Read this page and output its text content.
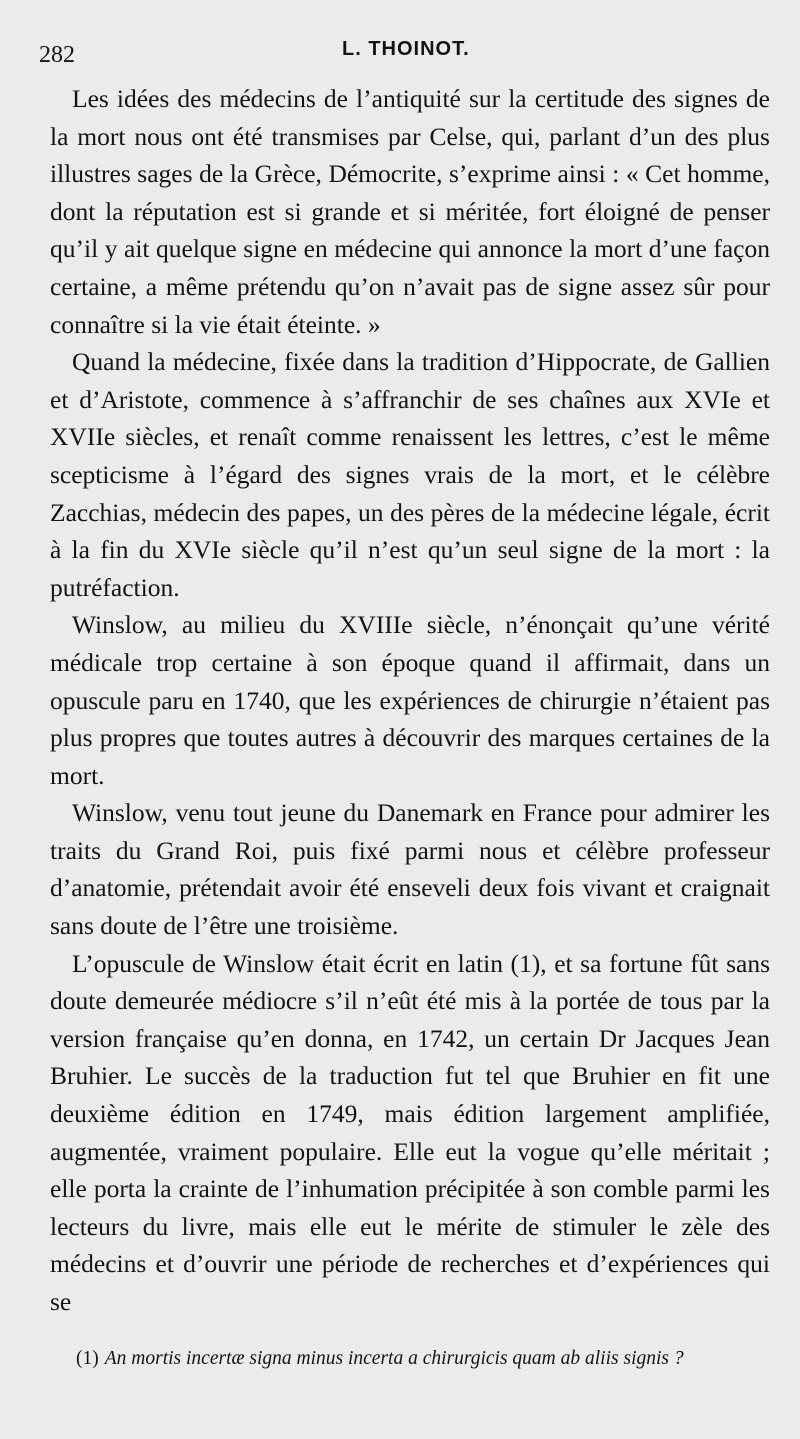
282	L. THOINOT.

Les idées des médecins de l’antiquité sur la certitude des signes de la mort nous ont été transmises par Celse, qui, parlant d’un des plus illustres sages de la Grèce, Démocrite, s’exprime ainsi : « Cet homme, dont la réputation est si grande et si méritée, fort éloigné de penser qu’il y ait quelque signe en médecine qui annonce la mort d’une façon certaine, a même prétendu qu’on n’avait pas de signe assez sûr pour connaître si la vie était éteinte. »

Quand la médecine, fixée dans la tradition d’Hippocrate, de Gallien et d’Aristote, commence à s’affranchir de ses chaînes aux XVIe et XVIIe siècles, et renaît comme renaissent les lettres, c’est le même scepticisme à l’égard des signes vrais de la mort, et le célèbre Zacchias, médecin des papes, un des pères de la médecine légale, écrit à la fin du XVIe siècle qu’il n’est qu’un seul signe de la mort : la putréfaction.

Winslow, au milieu du XVIIIe siècle, n’énonçait qu’une vérité médicale trop certaine à son époque quand il affirmait, dans un opuscule paru en 1740, que les expériences de chirurgie n’étaient pas plus propres que toutes autres à découvrir des marques certaines de la mort.

Winslow, venu tout jeune du Danemark en France pour admirer les traits du Grand Roi, puis fixé parmi nous et célèbre professeur d’anatomie, prétendait avoir été enseveli deux fois vivant et craignait sans doute de l’être une troisième.

L’opuscule de Winslow était écrit en latin (1), et sa fortune fût sans doute demeurée médiocre s’il n’eût été mis à la portée de tous par la version française qu’en donna, en 1742, un certain Dr Jacques Jean Bruhier. Le succès de la traduction fut tel que Bruhier en fit une deuxième édition en 1749, mais édition largement amplifiée, augmentée, vraiment populaire. Elle eut la vogue qu’elle méritait ; elle porta la crainte de l’inhumation précipitée à son comble parmi les lecteurs du livre, mais elle eut le mérite de stimuler le zèle des médecins et d’ouvrir une période de recherches et d’expériences qui se

(1) An mortis incertæ signa minus incerta a chirurgicis quam ab aliis signis ?
